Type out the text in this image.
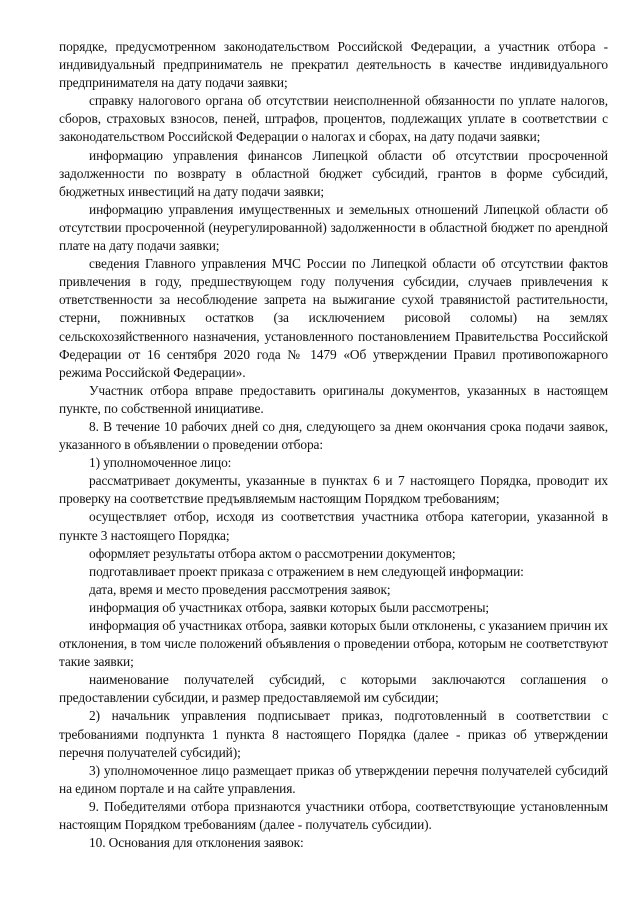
порядке, предусмотренном законодательством Российской Федерации, а участник отбора - индивидуальный предприниматель не прекратил деятельность в качестве индивидуального предпринимателя на дату подачи заявки;

справку налогового органа об отсутствии неисполненной обязанности по уплате налогов, сборов, страховых взносов, пеней, штрафов, процентов, подлежащих уплате в соответствии с законодательством Российской Федерации о налогах и сборах, на дату подачи заявки;

информацию управления финансов Липецкой области об отсутствии просроченной задолженности по возврату в областной бюджет субсидий, грантов в форме субсидий, бюджетных инвестиций на дату подачи заявки;

информацию управления имущественных и земельных отношений Липецкой области об отсутствии просроченной (неурегулированной) задолженности в областной бюджет по арендной плате на дату подачи заявки;

сведения Главного управления МЧС России по Липецкой области об отсутствии фактов привлечения в году, предшествующем году получения субсидии, случаев привлечения к ответственности за несоблюдение запрета на выжигание сухой травянистой растительности, стерни, пожнивных остатков (за исключением рисовой соломы) на землях сельскохозяйственного назначения, установленного постановлением Правительства Российской Федерации от 16 сентября 2020 года № 1479 «Об утверждении Правил противопожарного режима Российской Федерации».

Участник отбора вправе предоставить оригиналы документов, указанных в настоящем пункте, по собственной инициативе.

8. В течение 10 рабочих дней со дня, следующего за днем окончания срока подачи заявок, указанного в объявлении о проведении отбора:

1) уполномоченное лицо:

рассматривает документы, указанные в пунктах 6 и 7 настоящего Порядка, проводит их проверку на соответствие предъявляемым настоящим Порядком требованиям;

осуществляет отбор, исходя из соответствия участника отбора категории, указанной в пункте 3 настоящего Порядка;

оформляет результаты отбора актом о рассмотрении документов;

подготавливает проект приказа с отражением в нем следующей информации:

дата, время и место проведения рассмотрения заявок;

информация об участниках отбора, заявки которых были рассмотрены;

информация об участниках отбора, заявки которых были отклонены, с указанием причин их отклонения, в том числе положений объявления о проведении отбора, которым не соответствуют такие заявки;

наименование получателей субсидий, с которыми заключаются соглашения о предоставлении субсидии, и размер предоставляемой им субсидии;

2) начальник управления подписывает приказ, подготовленный в соответствии с требованиями подпункта 1 пункта 8 настоящего Порядка (далее - приказ об утверждении перечня получателей субсидий);

3) уполномоченное лицо размещает приказ об утверждении перечня получателей субсидий на едином портале и на сайте управления.

9. Победителями отбора признаются участники отбора, соответствующие установленным настоящим Порядком требованиям (далее - получатель субсидии).

10. Основания для отклонения заявок:
